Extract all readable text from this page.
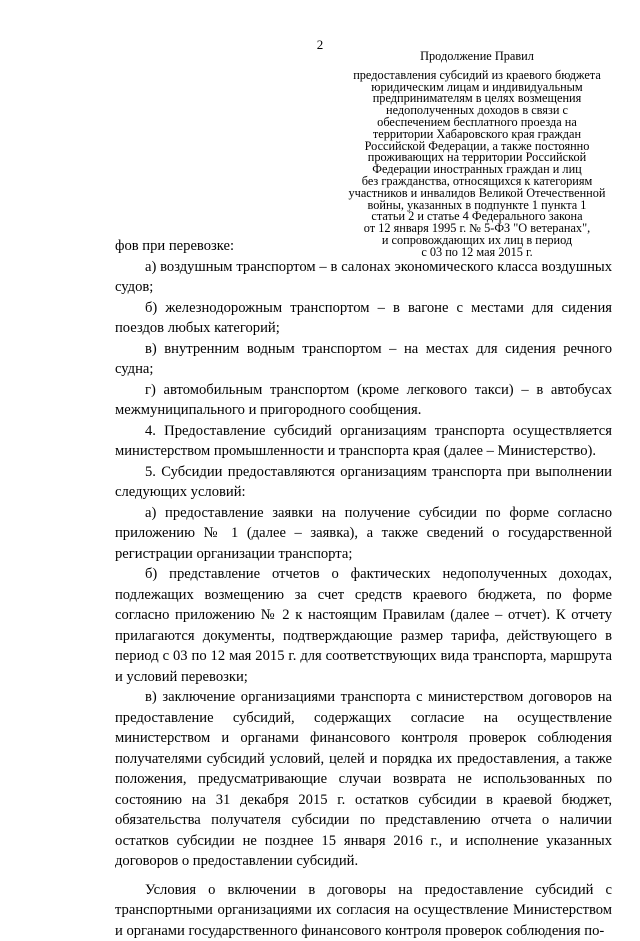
2
Продолжение Правил
предоставления субсидий из краевого бюджета
юридическим лицам и индивидуальным
предпринимателям в целях возмещения
недополученных доходов в связи с
обеспечением бесплатного проезда на
территории Хабаровского края граждан
Российской Федерации, а также постоянно
проживающих на территории Российской
Федерации иностранных граждан и лиц
без гражданства, относящихся к категориям
участников и инвалидов Великой Отечественной
войны, указанных в подпункте 1 пункта 1
статьи 2 и статье 4 Федерального закона
от 12 января 1995 г. № 5-ФЗ "О ветеранах",
и сопровождающих их лиц в период
с 03 по 12 мая 2015 г.

фов при перевозке:

а) воздушным транспортом – в салонах экономического класса воздушных судов;

б) железнодорожным транспортом – в вагоне с местами для сидения поездов любых категорий;

в) внутренним водным транспортом – на местах для сидения речного судна;

г) автомобильным транспортом (кроме легкового такси) – в автобусах межмуниципального и пригородного сообщения.

4. Предоставление субсидий организациям транспорта осуществляется министерством промышленности и транспорта края (далее – Министерство).

5. Субсидии предоставляются организациям транспорта при выполнении следующих условий:

а) предоставление заявки на получение субсидии по форме согласно приложению № 1 (далее – заявка), а также сведений о государственной регистрации организации транспорта;

б) представление отчетов о фактических недополученных доходах, подлежащих возмещению за счет средств краевого бюджета, по форме согласно приложению № 2 к настоящим Правилам (далее – отчет). К отчету прилагаются документы, подтверждающие размер тарифа, действующего в период с 03 по 12 мая 2015 г. для соответствующих вида транспорта, маршрута и условий перевозки;

в) заключение организациями транспорта с министерством договоров на предоставление субсидий, содержащих согласие на осуществление министерством и органами финансового контроля проверок соблюдения получателями субсидий условий, целей и порядка их предоставления, а также положения, предусматривающие случаи возврата не использованных по состоянию на 31 декабря 2015 г. остатков субсидии в краевой бюджет, обязательства получателя субсидии по представлению отчета о наличии остатков субсидии не позднее 15 января 2016 г., и исполнение указанных договоров о предоставлении субсидий.

Условия о включении в договоры на предоставление субсидий с транспортными организациями их согласия на осуществление Министерством и органами государственного финансового контроля проверок соблюдения по-
